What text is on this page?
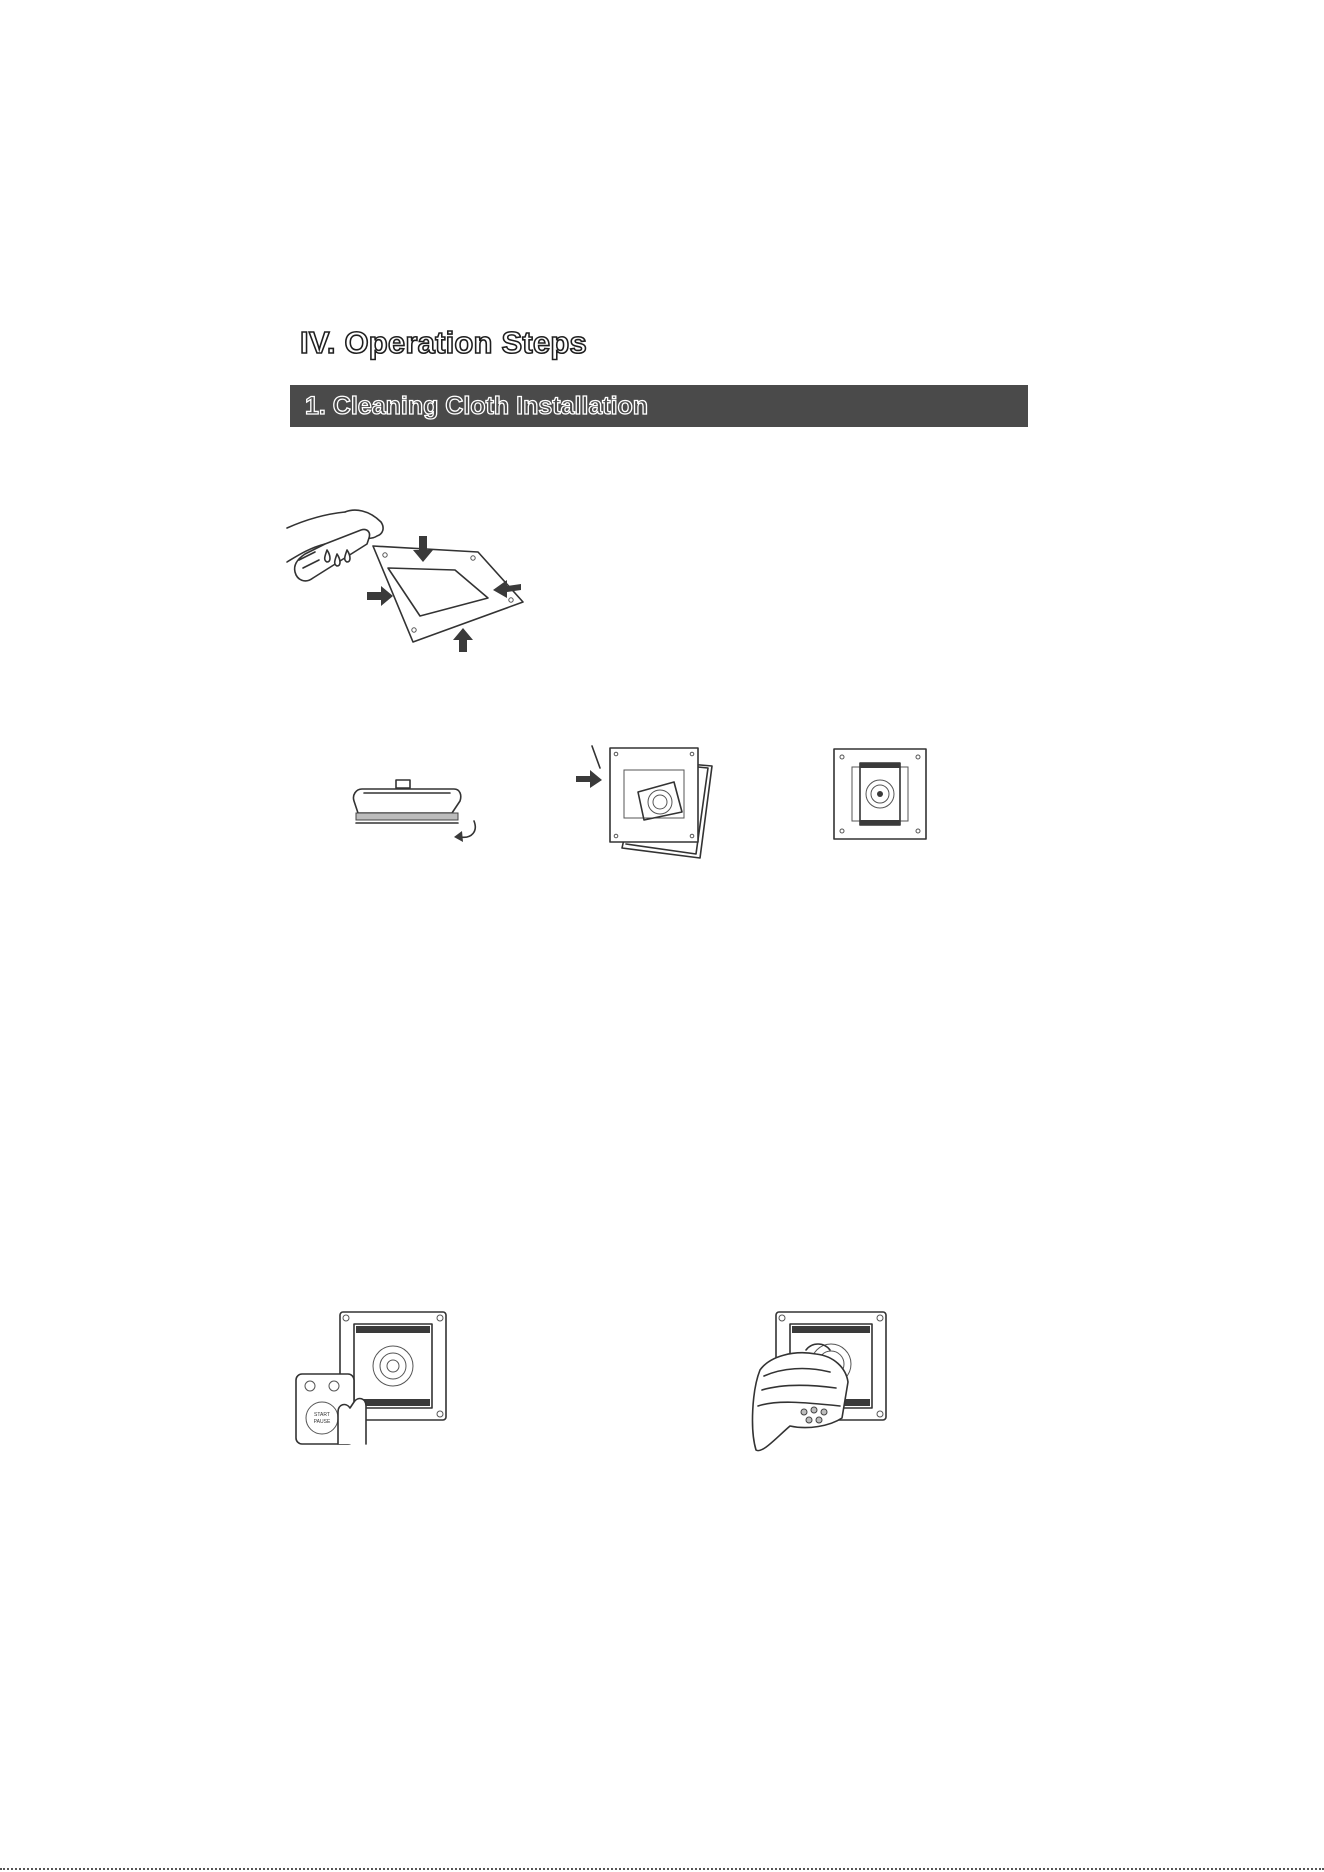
IV. Operation Steps
1. Cleaning Cloth Installation
START
PAUSE
